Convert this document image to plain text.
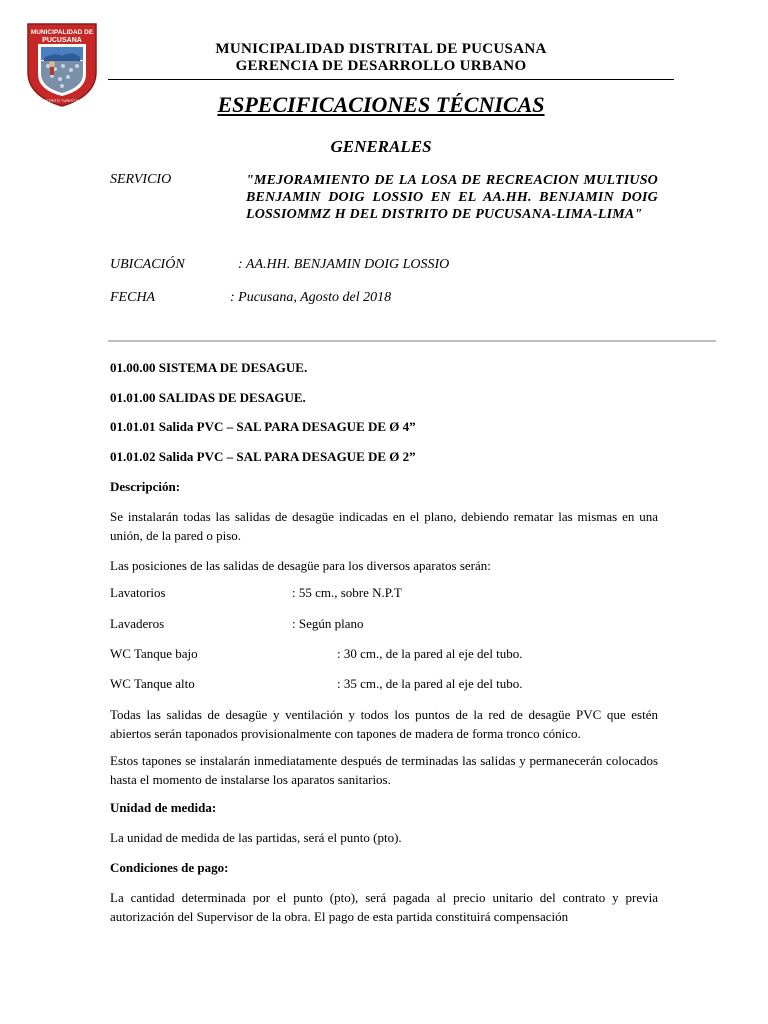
MUNICIPALIDAD DE
PUCUSANA
DISTRITO TURISTICO
MUNICIPALIDAD DISTRITAL DE PUCUSANA
GERENCIA DE DESARROLLO URBANO
ESPECIFICACIONES TÉCNICAS
GENERALES
SERVICIO	"MEJORAMIENTO DE LA LOSA DE RECREACION MULTIUSO BENJAMIN DOIG LOSSIO EN EL AA.HH. BENJAMIN DOIG LOSSIOMMZ H DEL DISTRITO DE PUCUSANA-LIMA-LIMA"
UBICACIÓN	: AA.HH. BENJAMIN DOIG LOSSIO
FECHA	: Pucusana, Agosto del 2018
01.00.00 SISTEMA DE DESAGUE.
01.01.00 SALIDAS DE DESAGUE.
01.01.01 Salida PVC – SAL PARA DESAGUE DE Ø 4”
01.01.02 Salida PVC – SAL PARA DESAGUE DE Ø 2”
Descripción:
Se instalarán todas las salidas de desagüe indicadas en el plano, debiendo rematar las mismas en una unión, de la pared o piso.
Las posiciones de las salidas de desagüe para los diversos aparatos serán:
Lavatorios	: 55 cm., sobre N.P.T
Lavaderos	: Según plano
WC Tanque bajo	: 30 cm., de la pared al eje del tubo.
WC Tanque alto	: 35 cm., de la pared al eje del tubo.
Todas las salidas de desagüe y ventilación y todos los puntos de la red de desagüe PVC que estén abiertos serán taponados provisionalmente con tapones de madera de forma tronco cónico.
Estos tapones se instalarán inmediatamente después de terminadas las salidas y permanecerán colocados hasta el momento de instalarse los aparatos sanitarios.
Unidad de medida:
La unidad de medida de las partidas, será el punto (pto).
Condiciones de pago:
La cantidad determinada por el punto (pto), será pagada al precio unitario del contrato y previa autorización del Supervisor de la obra. El pago de esta partida constituirá compensación
